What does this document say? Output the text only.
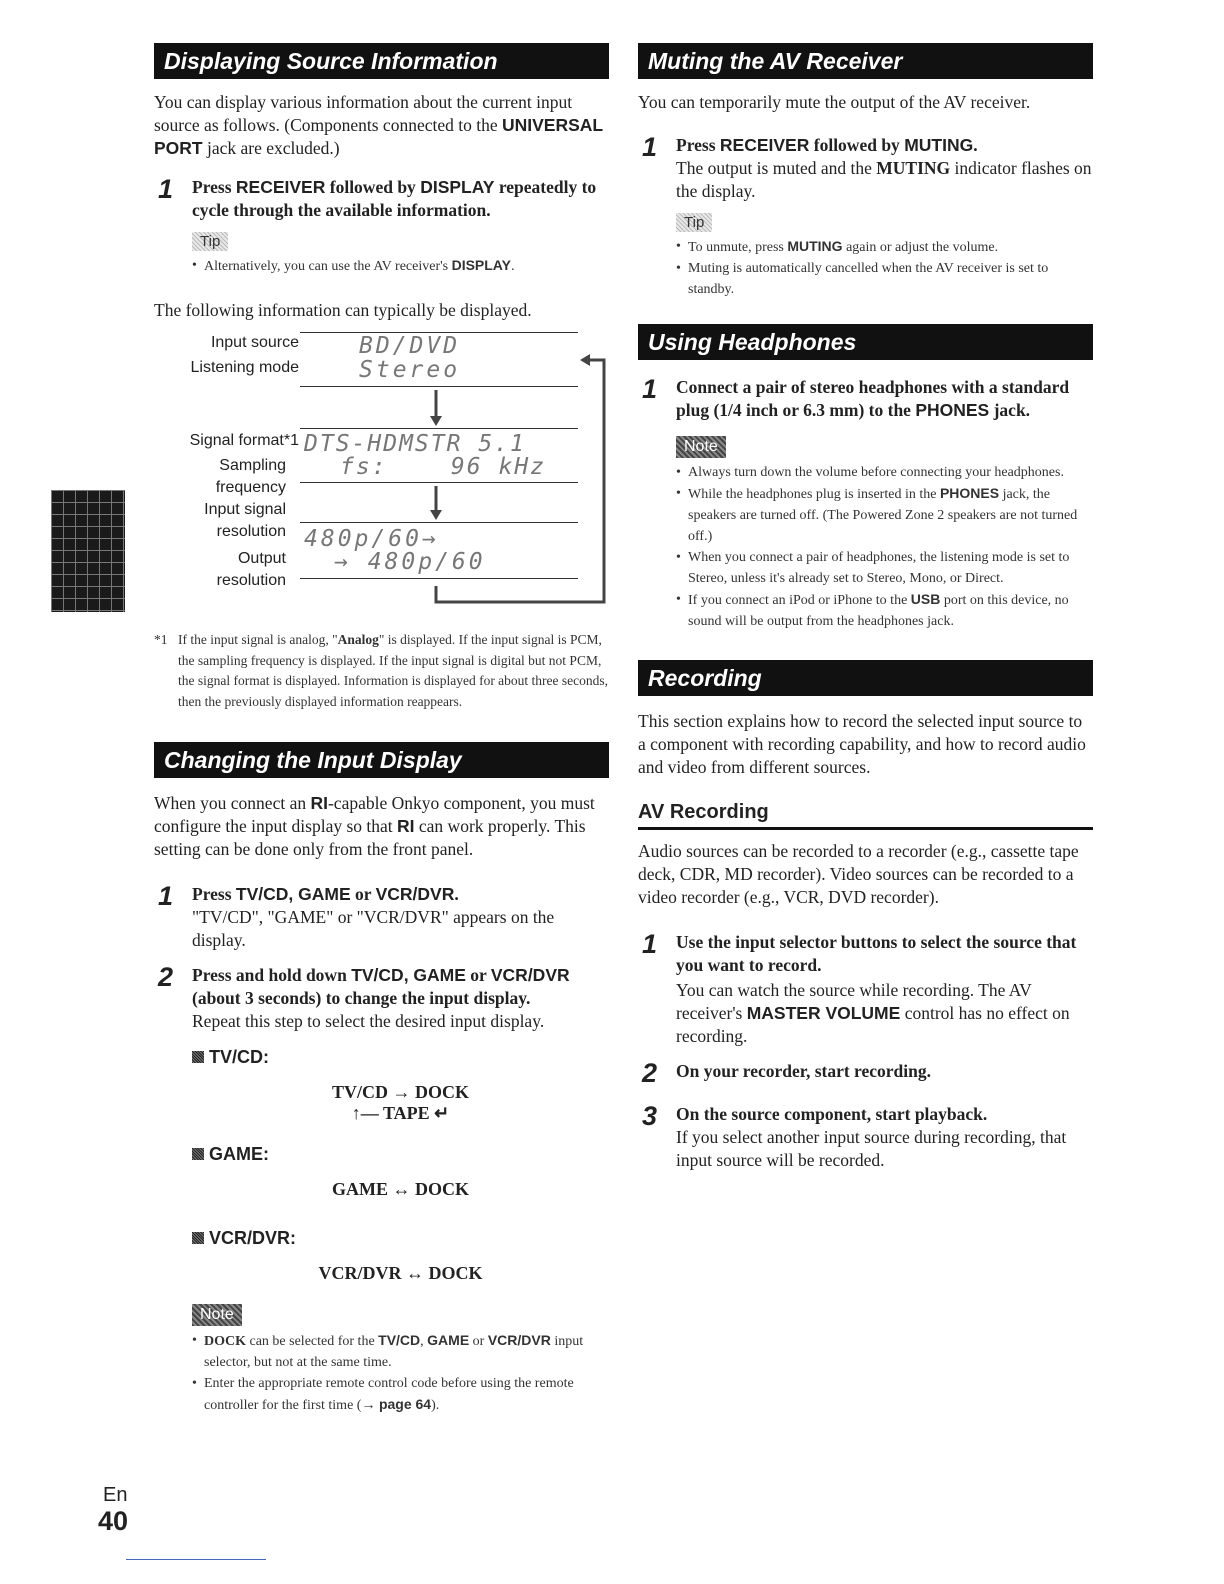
Displaying Source Information

You can display various information about the current input source as follows. (Components connected to the UNIVERSAL PORT jack are excluded.)

1 Press RECEIVER followed by DISPLAY repeatedly to cycle through the available information.
Tip
• Alternatively, you can use the AV receiver's DISPLAY.

The following information can typically be displayed.

Input source
Listening mode
BD/DVD
Stereo
Signal format*1 DTS-HDMSTR 5.1
Sampling
frequency
fs:    96 kHz
Input signal
resolution 480p/60→
Output
resolution
→ 480p/60
*1 If the input signal is analog, "Analog" is displayed. If the input signal is PCM, the sampling frequency is displayed. If the input signal is digital but not PCM, the signal format is displayed. Information is displayed for about three seconds, then the previously displayed information reappears.
Changing the Input Display

When you connect an RI-capable Onkyo component, you must configure the input display so that RI can work properly. This setting can be done only from the front panel.

1 Press TV/CD, GAME or VCR/DVR.
"TV/CD", "GAME" or "VCR/DVR" appears on the display.
2 Press and hold down TV/CD, GAME or VCR/DVR (about 3 seconds) to change the input display.
Repeat this step to select the desired input display.
TV/CD:
TV/CD → DOCK
↑— TAPE ↵
GAME:
GAME ↔ DOCK
VCR/DVR:
VCR/DVR ↔ DOCK
Note
• DOCK can be selected for the TV/CD, GAME or VCR/DVR input selector, but not at the same time.
• Enter the appropriate remote control code before using the remote controller for the first time (→ page 64).
Muting the AV Receiver

You can temporarily mute the output of the AV receiver.

1 Press RECEIVER followed by MUTING.
The output is muted and the MUTING indicator flashes on the display.
Tip
• To unmute, press MUTING again or adjust the volume.
• Muting is automatically cancelled when the AV receiver is set to standby.
Using Headphones
1 Connect a pair of stereo headphones with a standard plug (1/4 inch or 6.3 mm) to the PHONES jack.
Note
• Always turn down the volume before connecting your headphones.
• While the headphones plug is inserted in the PHONES jack, the speakers are turned off. (The Powered Zone 2 speakers are not turned off.)
• When you connect a pair of headphones, the listening mode is set to Stereo, unless it's already set to Stereo, Mono, or Direct.
• If you connect an iPod or iPhone to the USB port on this device, no sound will be output from the headphones jack.
Recording

This section explains how to record the selected input source to a component with recording capability, and how to record audio and video from different sources.

AV Recording

Audio sources can be recorded to a recorder (e.g., cassette tape deck, CDR, MD recorder). Video sources can be recorded to a video recorder (e.g., VCR, DVD recorder).

1 Use the input selector buttons to select the source that you want to record.
You can watch the source while recording. The AV receiver's MASTER VOLUME control has no effect on recording.
2 On your recorder, start recording.
3 On the source component, start playback.
If you select another input source during recording, that input source will be recorded.
En
40
